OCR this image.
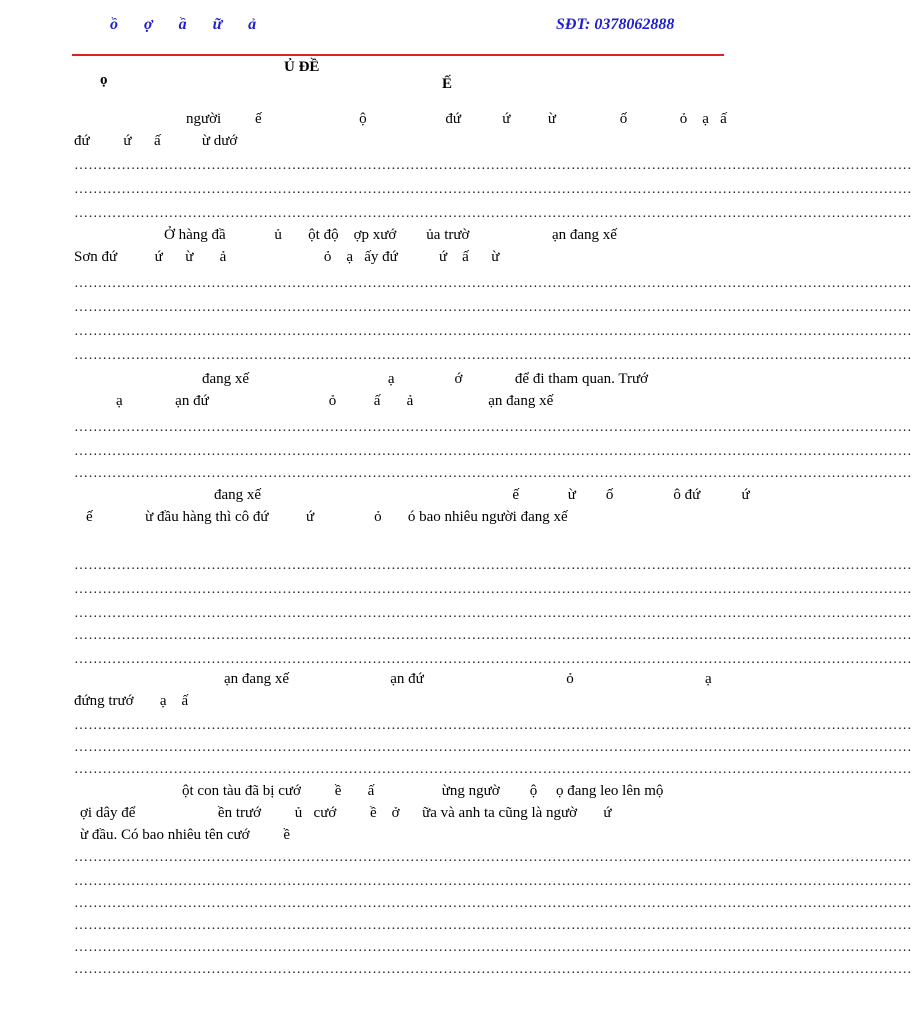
ồ ợ ầ ữ ả	SĐT: 0378062888

Ủ ĐỀ

Ế

ọ
người         ế                          ộ                     đứ           ứ          ừ                 ố              ỏ    ạ   ấ
đứ         ứ      ấ           ừ dướ
……………………………………………………………………………………………………………………………………………………………
……………………………………………………………………………………………………………………………………………………………
……………………………………………………………………………………………………………………………………………………………
Ở hàng đầ             ủ       ột độ    ợp xướ        ủa trườ                      ạn đang xế
Sơn đứ          ứ      ừ       ả                          ỏ    ạ   ấy đứ           ứ    ấ      ừ
……………………………………………………………………………………………………………………………………………………………
……………………………………………………………………………………………………………………………………………………………
……………………………………………………………………………………………………………………………………………………………
……………………………………………………………………………………………………………………………………………………………
đang xế                                     ạ                ớ              để đi tham quan. Trướ
ạ              ạn đứ                                ỏ          ấ       ả                    ạn đang xế
……………………………………………………………………………………………………………………………………………………………
……………………………………………………………………………………………………………………………………………………………
……………………………………………………………………………………………………………………………………………………………
đang xế                                                                   ế             ừ        ố                ô đứ           ứ
ế              ừ đầu hàng thì cô đứ          ứ                ỏ       ó bao nhiêu người đang xế
……………………………………………………………………………………………………………………………………………………………
……………………………………………………………………………………………………………………………………………………………
……………………………………………………………………………………………………………………………………………………………
……………………………………………………………………………………………………………………………………………………………
……………………………………………………………………………………………………………………………………………………………
ạn đang xế                           ạn đứ                                      ỏ                                   ạ
đứng trướ       ạ    ấ
……………………………………………………………………………………………………………………………………………………………
……………………………………………………………………………………………………………………………………………………………
……………………………………………………………………………………………………………………………………………………………
ột con tàu đã bị cướ         ề       ấ                  ừng ngườ        ộ     ọ đang leo lên mộ
ợi dây để                      ền trướ         ủ   cướ         ề    ở      ữa và anh ta cũng là ngườ       ứ
ừ đầu. Có bao nhiêu tên cướ         ề
……………………………………………………………………………………………………………………………………………………………
……………………………………………………………………………………………………………………………………………………………
……………………………………………………………………………………………………………………………………………………………
……………………………………………………………………………………………………………………………………………………………
……………………………………………………………………………………………………………………………………………………………
……………………………………………………………………………………………………………………………………………………………
